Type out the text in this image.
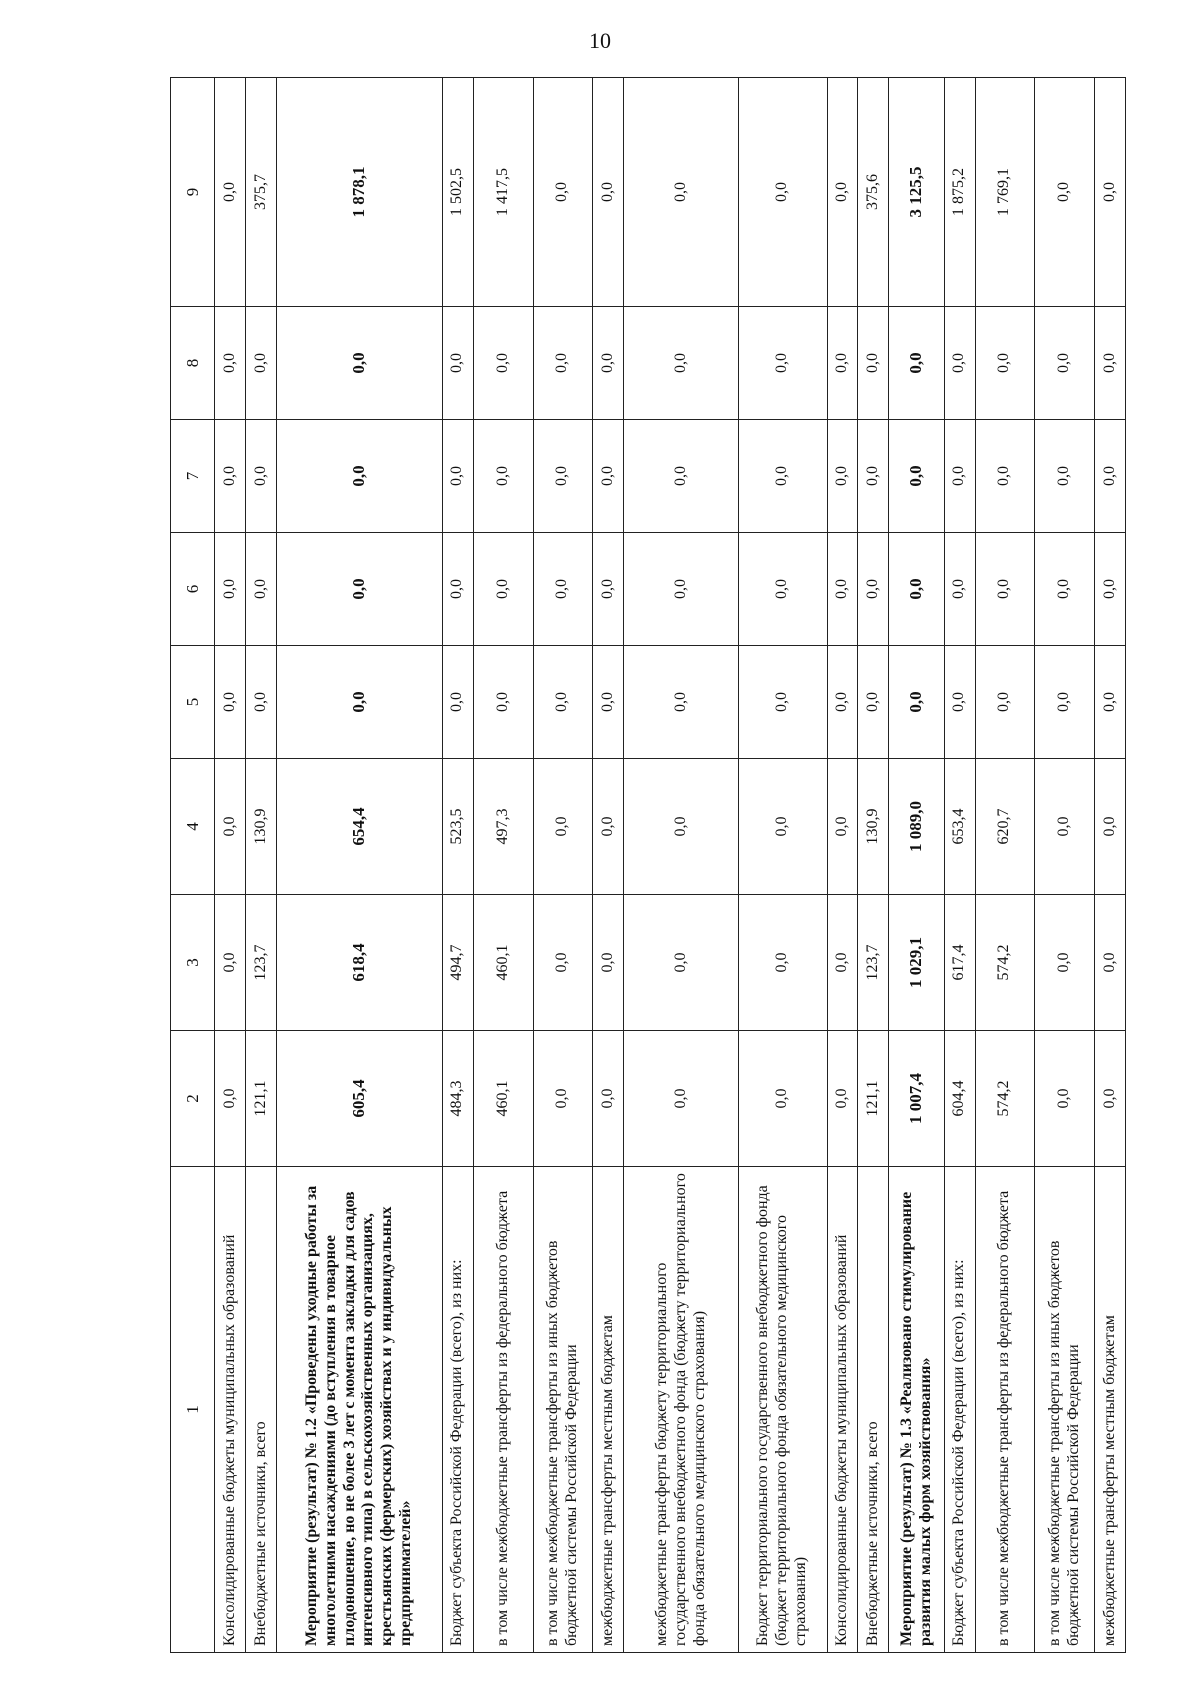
10
1	2	3	4	5	6	7	8	9
Консолидированные бюджеты муниципальных образований	0,0	0,0	0,0	0,0	0,0	0,0	0,0	0,0
Внебюджетные источники, всего	121,1	123,7	130,9	0,0	0,0	0,0	0,0	375,7
Мероприятие (результат) № 1.2 «Проведены уходные работы за многолетними насаждениями (до вступления в товарное плодоношение, но не более 3 лет с момента закладки для садов интенсивного типа) в сельскохозяйственных организациях, крестьянских (фермерских) хозяйствах и у индивидуальных предпринимателей»	605,4	618,4	654,4	0,0	0,0	0,0	0,0	1 878,1
Бюджет субъекта Российской Федерации (всего), из них:	484,3	494,7	523,5	0,0	0,0	0,0	0,0	1 502,5
в том числе межбюджетные трансферты из федерального бюджета	460,1	460,1	497,3	0,0	0,0	0,0	0,0	1 417,5
в том числе межбюджетные трансферты из иных бюджетов бюджетной системы Российской Федерации	0,0	0,0	0,0	0,0	0,0	0,0	0,0	0,0
межбюджетные трансферты местным бюджетам	0,0	0,0	0,0	0,0	0,0	0,0	0,0	0,0
межбюджетные трансферты бюджету территориального государственного внебюджетного фонда (бюджету территориального фонда обязательного медицинского страхования)	0,0	0,0	0,0	0,0	0,0	0,0	0,0	0,0
Бюджет территориального государственного внебюджетного фонда (бюджет территориального фонда обязательного медицинского страхования)	0,0	0,0	0,0	0,0	0,0	0,0	0,0	0,0
Консолидированные бюджеты муниципальных образований	0,0	0,0	0,0	0,0	0,0	0,0	0,0	0,0
Внебюджетные источники, всего	121,1	123,7	130,9	0,0	0,0	0,0	0,0	375,6
Мероприятие (результат) № 1.3 «Реализовано стимулирование развития малых форм хозяйствования»	1 007,4	1 029,1	1 089,0	0,0	0,0	0,0	0,0	3 125,5
Бюджет субъекта Российской Федерации (всего), из них:	604,4	617,4	653,4	0,0	0,0	0,0	0,0	1 875,2
в том числе межбюджетные трансферты из федерального бюджета	574,2	574,2	620,7	0,0	0,0	0,0	0,0	1 769,1
в том числе межбюджетные трансферты из иных бюджетов бюджетной системы Российской Федерации	0,0	0,0	0,0	0,0	0,0	0,0	0,0	0,0
межбюджетные трансферты местным бюджетам	0,0	0,0	0,0	0,0	0,0	0,0	0,0	0,0
